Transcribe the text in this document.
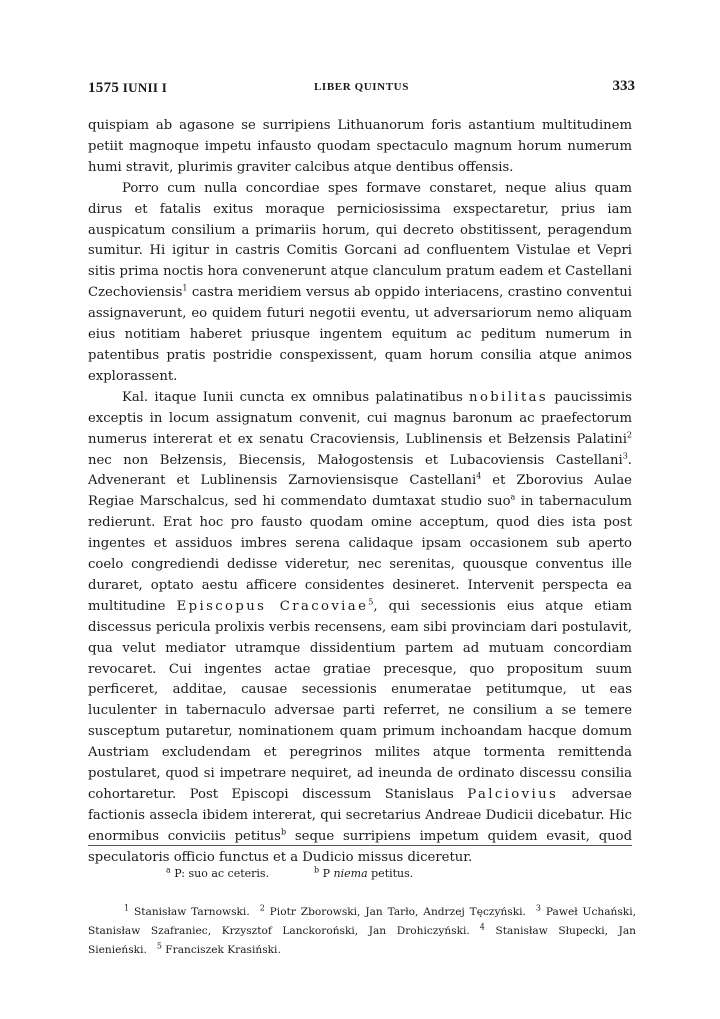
1575 IUNII I	LIBER QUINTUS	333

quispiam ab agasone se surripiens Lithuanorum foris astantium multitudinem petiit magnoque impetu infausto quodam spectaculo magnum horum numerum humi stravit, plurimis graviter calcibus atque dentibus offensis.

Porro cum nulla concordiae spes formave constaret, neque alius quam dirus et fatalis exitus moraque perniciosissima exspectaretur, prius iam auspicatum consilium a primariis horum, qui decreto obstitissent, peragendum sumitur. Hi igitur in castris Comitis Gorcani ad confluentem Vistulae et Vepri sitis prima noctis hora convenerunt atque clanculum pratum eadem et Castellani Czechoviensis$^1$ castra meridiem versus ab oppido interiacens, crastino conventui assignaverunt, eo quidem futuri negotii eventu, ut adversariorum nemo aliquam eius notitiam haberet priusque ingentem equitum ac peditum numerum in patentibus pratis postridie conspexissent, quam horum consilia atque animos explorassent.

Kal. itaque Iunii cuncta ex omnibus palatinatibus nobilitas paucissimis exceptis in locum assignatum convenit, cui magnus baronum ac praefectorum numerus intererat et ex senatu Cracoviensis, Lublinensis et Bełzensis Palatini$^2$ nec non Bełzensis, Biecensis, Małogostensis et Lubacoviensis Castellani$^3$. Advenerant et Lublinensis Zarnoviensisque Castellani$^4$ et Zborovius Aulae Regiae Marschalcus, sed hi commendato dumtaxat studio suo$^a$ in tabernaculum redierunt. Erat hoc pro fausto quodam omine acceptum, quod dies ista post ingentes et assiduos imbres serena calidaque ipsam occasionem sub aperto coelo congrediendi dedisse videretur, nec serenitas, quousque conventus ille duraret, optato aestu afficere considentes desineret. Intervenit perspecta ea multitudine Episcopus Cracoviae$^5$, qui secessionis eius atque etiam discessus pericula prolixis verbis recensens, eam sibi provinciam dari postulavit, qua velut mediator utramque dissidentium partem ad mutuam concordiam revocaret. Cui ingentes actae gratiae precesque, quo propositum suum perficeret, additae, causae secessionis enumeratae petitumque, ut eas luculenter in tabernaculo adversae parti referret, ne consilium a se temere susceptum putaretur, nominationem quam primum inchoandam hacque domum Austriam excludendam et peregrinos milites atque tormenta remittenda postularet, quod si impetrare nequiret, ad ineunda de ordinato discessu consilia cohortaretur. Post Episcopi discessum Stanislaus Palciovius adversae factionis assecla ibidem intererat, qui secretarius Andreae Dudicii dicebatur. Hic enormibus conviciis petitus$^b$ seque surripiens impetum quidem evasit, quod speculatoris officio functus et a Dudicio missus diceretur.

$^a$ P: suo ac ceteris.	$^b$ P niema petitus.
$^1$ Stanisław Tarnowski. $^2$ Piotr Zborowski, Jan Tarło, Andrzej Tęczyński. $^3$ Paweł Uchański, Stanisław Szafraniec, Krzysztof Lanckoroński, Jan Drohiczyński. $^4$ Stanisław Słupecki, Jan Sienieński. $^5$ Franciszek Krasiński.
